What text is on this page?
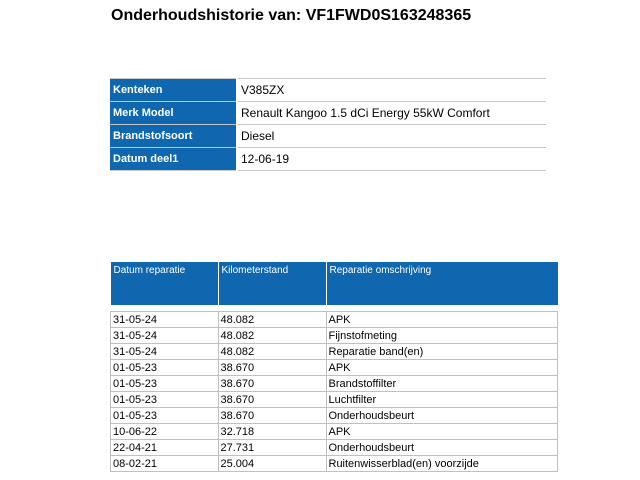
Onderhoudshistorie van: VF1FWD0S163248365
Kenteken	V385ZX
Merk Model	Renault Kangoo 1.5 dCi Energy 55kW Comfort
Brandstofsoort	Diesel
Datum deel1	12-06-19
Datum reparatie	Kilometerstand	Reparatie omschrijving

31-05-24	48.082	APK
31-05-24	48.082	Fijnstofmeting
31-05-24	48.082	Reparatie band(en)
01-05-23	38.670	APK
01-05-23	38.670	Brandstoffilter
01-05-23	38.670	Luchtfilter
01-05-23	38.670	Onderhoudsbeurt
10-06-22	32.718	APK
22-04-21	27.731	Onderhoudsbeurt
08-02-21	25.004	Ruitenwisserblad(en) voorzijde
